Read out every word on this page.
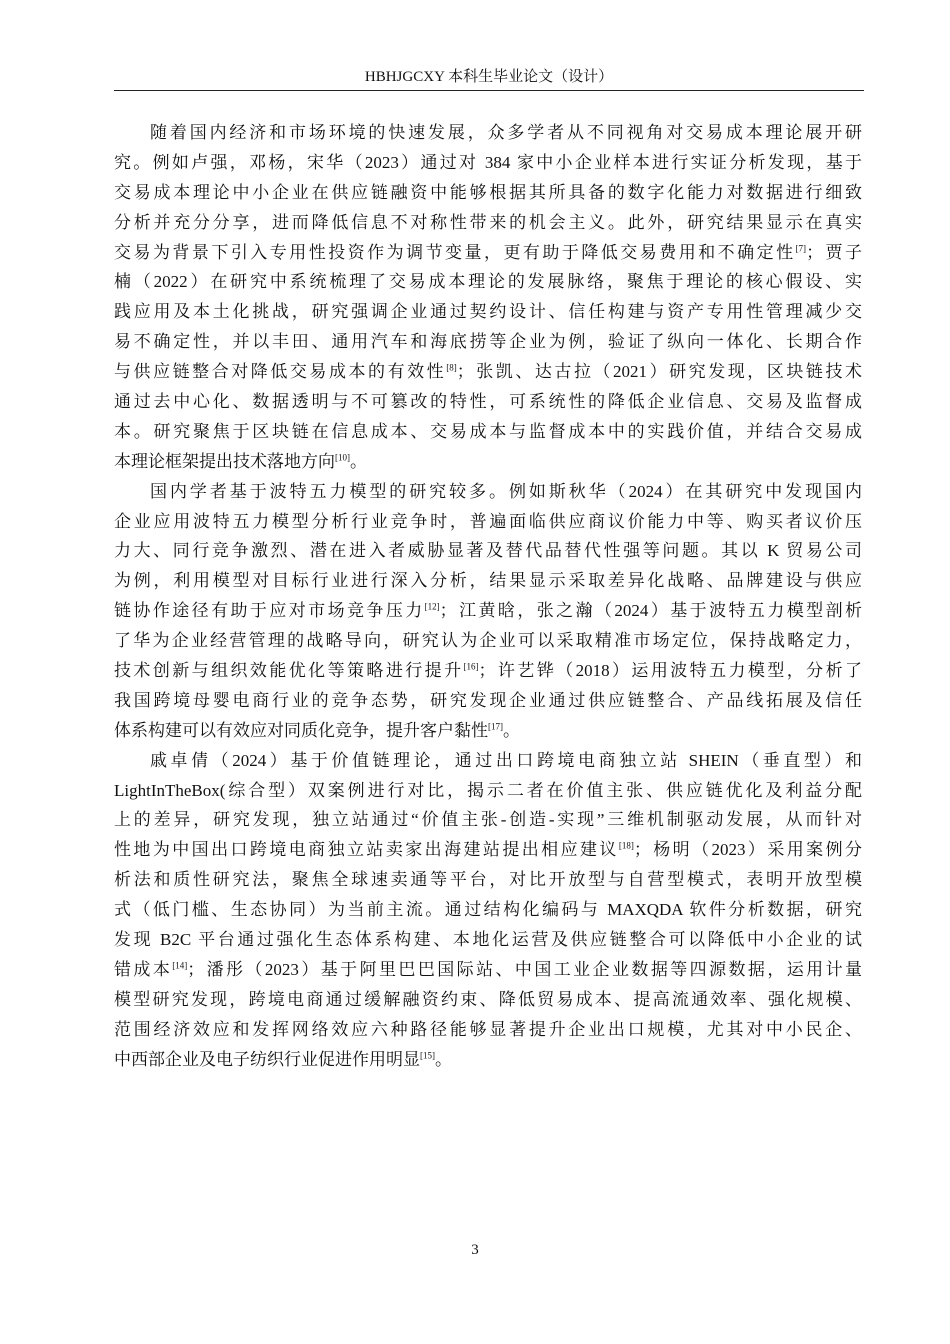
HBHJGCXY 本科生毕业论文（设计）
随着国内经济和市场环境的快速发展，众多学者从不同视角对交易成本理论展开研
究。例如卢强，邓杨，宋华（2023）通过对 384 家中小企业样本进行实证分析发现，基于
交易成本理论中小企业在供应链融资中能够根据其所具备的数字化能力对数据进行细致
分析并充分分享，进而降低信息不对称性带来的机会主义。此外，研究结果显示在真实
交易为背景下引入专用性投资作为调节变量，更有助于降低交易费用和不确定性[7]；贾子
楠（2022）在研究中系统梳理了交易成本理论的发展脉络，聚焦于理论的核心假设、实
践应用及本土化挑战，研究强调企业通过契约设计、信任构建与资产专用性管理减少交
易不确定性，并以丰田、通用汽车和海底捞等企业为例，验证了纵向一体化、长期合作
与供应链整合对降低交易成本的有效性[8]；张凯、达古拉（2021）研究发现，区块链技术
通过去中心化、数据透明与不可篡改的特性，可系统性的降低企业信息、交易及监督成
本。研究聚焦于区块链在信息成本、交易成本与监督成本中的实践价值，并结合交易成
本理论框架提出技术落地方向[10]。
国内学者基于波特五力模型的研究较多。例如斯秋华（2024）在其研究中发现国内
企业应用波特五力模型分析行业竞争时，普遍面临供应商议价能力中等、购买者议价压
力大、同行竞争激烈、潜在进入者威胁显著及替代品替代性强等问题。其以 K 贸易公司
为例，利用模型对目标行业进行深入分析，结果显示采取差异化战略、品牌建设与供应
链协作途径有助于应对市场竞争压力[12]；江黄晗，张之瀚（2024）基于波特五力模型剖析
了华为企业经营管理的战略导向，研究认为企业可以采取精准市场定位，保持战略定力，
技术创新与组织效能优化等策略进行提升[16]；许艺铧（2018）运用波特五力模型，分析了
我国跨境母婴电商行业的竞争态势，研究发现企业通过供应链整合、产品线拓展及信任
体系构建可以有效应对同质化竞争，提升客户黏性[17]。
戚卓倩（2024）基于价值链理论，通过出口跨境电商独立站 SHEIN（垂直型）和
LightInTheBox(综合型）双案例进行对比，揭示二者在价值主张、供应链优化及利益分配
上的差异，研究发现，独立站通过“价值主张-创造-实现”三维机制驱动发展，从而针对
性地为中国出口跨境电商独立站卖家出海建站提出相应建议[18]；杨明（2023）采用案例分
析法和质性研究法，聚焦全球速卖通等平台，对比开放型与自营型模式，表明开放型模
式（低门槛、生态协同）为当前主流。通过结构化编码与 MAXQDA 软件分析数据，研究
发现 B2C 平台通过强化生态体系构建、本地化运营及供应链整合可以降低中小企业的试
错成本[14]；潘彤（2023）基于阿里巴巴国际站、中国工业企业数据等四源数据，运用计量
模型研究发现，跨境电商通过缓解融资约束、降低贸易成本、提高流通效率、强化规模、
范围经济效应和发挥网络效应六种路径能够显著提升企业出口规模，尤其对中小民企、
中西部企业及电子纺织行业促进作用明显[15]。
3
